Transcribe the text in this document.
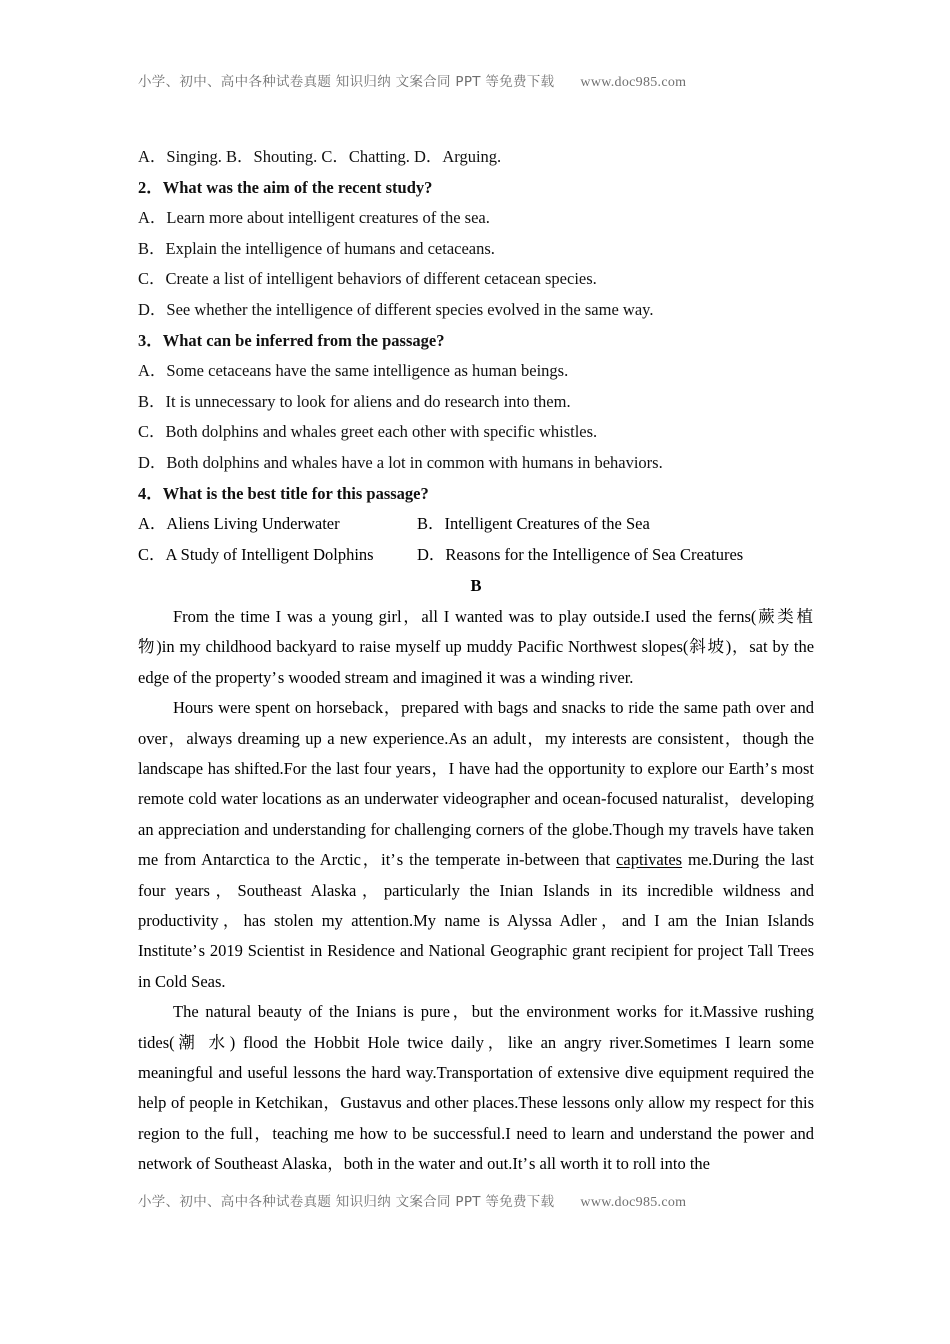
小学、初中、高中各种试卷真题 知识归纳 文案合同 PPT 等免费下载 www.doc985.com
A．Singing. B．Shouting. C．Chatting. D．Arguing.
2．What was the aim of the recent study?
A．Learn more about intelligent creatures of the sea.
B．Explain the intelligence of humans and cetaceans.
C．Create a list of intelligent behaviors of different cetacean species.
D．See whether the intelligence of different species evolved in the same way.
3．What can be inferred from the passage?
A．Some cetaceans have the same intelligence as human beings.
B．It is unnecessary to look for aliens and do research into them.
C．Both dolphins and whales greet each other with specific whistles.
D．Both dolphins and whales have a lot in common with humans in behaviors.
4．What is the best title for this passage?
A．Aliens Living Underwater	B．Intelligent Creatures of the Sea
C．A Study of Intelligent Dolphins	D．Reasons for the Intelligence of Sea Creatures
B

From the time I was a young girl，all I wanted was to play outside.I used the ferns(蕨类植物)in my childhood backyard to raise myself up muddy Pacific Northwest slopes(斜坡)，sat by the edge of the property’s wooded stream and imagined it was a winding river.

Hours were spent on horseback，prepared with bags and snacks to ride the same path over and over，always dreaming up a new experience.As an adult，my interests are consistent，though the landscape has shifted.For the last four years，I have had the opportunity to explore our Earth’s most remote cold water locations as an underwater videographer and ocean-focused naturalist，developing an appreciation and understanding for challenging corners of the globe.Though my travels have taken me from Antarctica to the Arctic，it’s the temperate in-between that captivates me.During the last four years，Southeast Alaska，particularly the Inian Islands in its incredible wildness and productivity，has stolen my attention.My name is Alyssa Adler，and I am the Inian Islands Institute’s 2019 Scientist in Residence and National Geographic grant recipient for project Tall Trees in Cold Seas.

The natural beauty of the Inians is pure，but the environment works for it.Massive rushing tides(潮 水) flood the Hobbit Hole twice daily，like an angry river.Sometimes I learn some meaningful and useful lessons the hard way.Transportation of extensive dive equipment required the help of people in Ketchikan，Gustavus and other places.These lessons only allow my respect for this region to the full，teaching me how to be successful.I need to learn and understand the power and network of Southeast Alaska，both in the water and out.It’s all worth it to roll into the

小学、初中、高中各种试卷真题 知识归纳 文案合同 PPT 等免费下载 www.doc985.com
